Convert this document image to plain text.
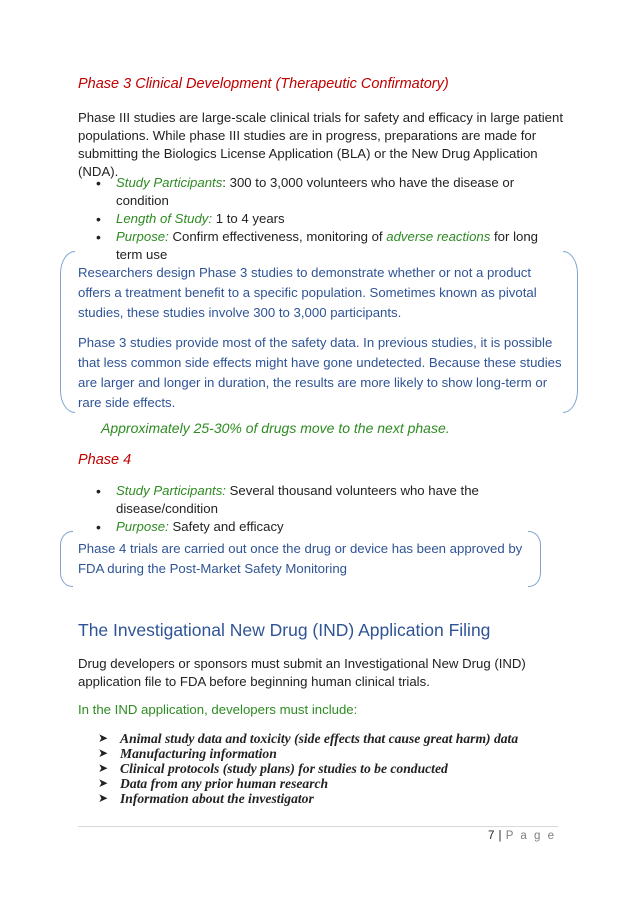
Phase 3 Clinical Development (Therapeutic Confirmatory)
Phase III studies are large-scale clinical trials for safety and efficacy in large patient populations. While phase III studies are in progress, preparations are made for submitting the Biologics License Application (BLA) or the New Drug Application (NDA).
• Study Participants: 300 to 3,000 volunteers who have the disease or condition
• Length of Study: 1 to 4 years
• Purpose: Confirm effectiveness, monitoring of adverse reactions for long term use

Researchers design Phase 3 studies to demonstrate whether or not a product offers a treatment benefit to a specific population. Sometimes known as pivotal studies, these studies involve 300 to 3,000 participants.

Phase 3 studies provide most of the safety data. In previous studies, it is possible that less common side effects might have gone undetected. Because these studies are larger and longer in duration, the results are more likely to show long-term or rare side effects.

Approximately 25-30% of drugs move to the next phase.
Phase 4
• Study Participants: Several thousand volunteers who have the disease/condition
• Purpose: Safety and efficacy

Phase 4 trials are carried out once the drug or device has been approved by FDA during the Post-Market Safety Monitoring

The Investigational New Drug (IND) Application Filing
Drug developers or sponsors must submit an Investigational New Drug (IND) application file to FDA before beginning human clinical trials.
In the IND application, developers must include:
➤ Animal study data and toxicity (side effects that cause great harm) data
➤ Manufacturing information
➤ Clinical protocols (study plans) for studies to be conducted
➤ Data from any prior human research
➤ Information about the investigator
7 | P a g e
